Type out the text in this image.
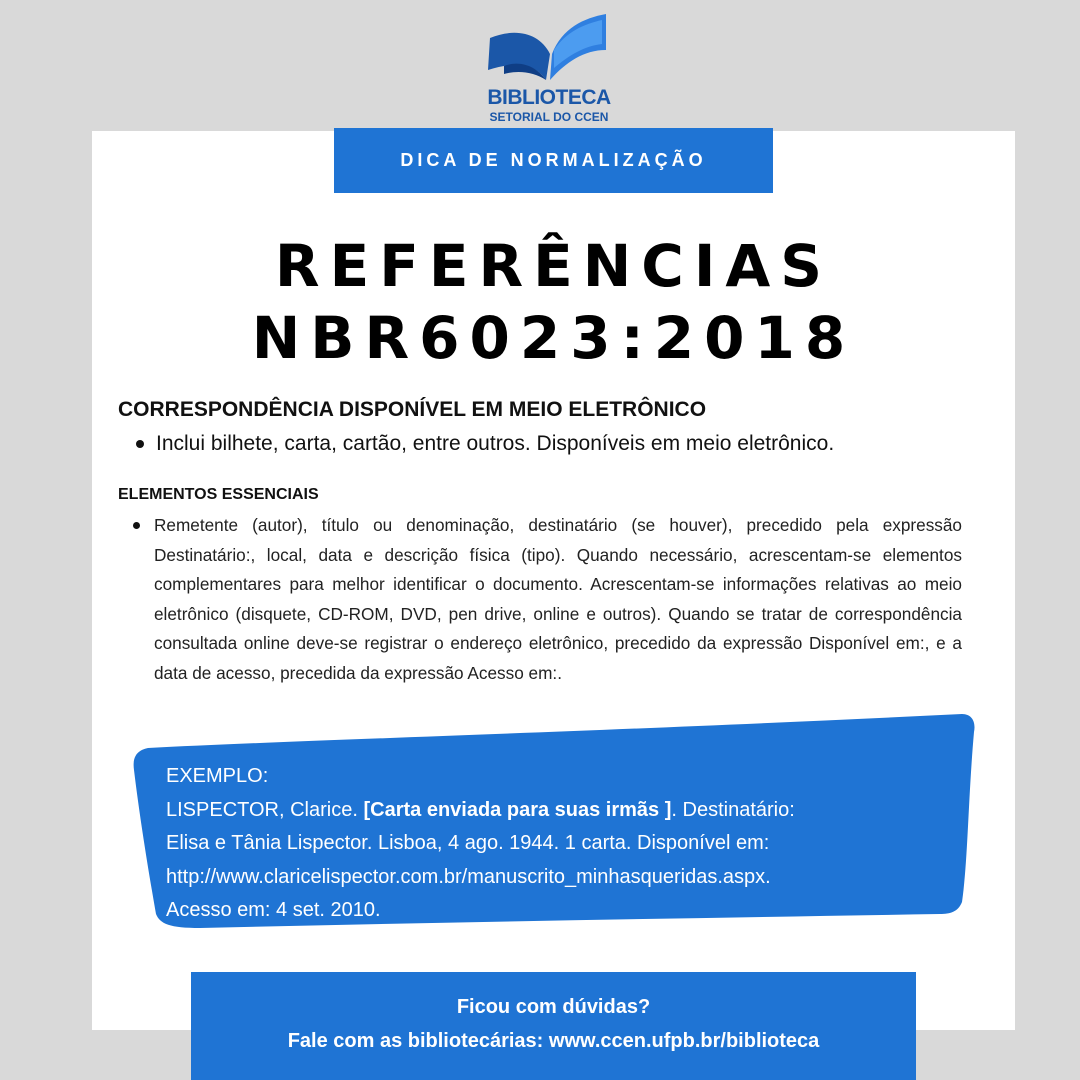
BIBLIOTECA
SETORIAL DO CCEN
DICA DE NORMALIZAÇÃO
REFERÊNCIAS
NBR6023:2018
CORRESPONDÊNCIA DISPONÍVEL EM MEIO ELETRÔNICO
Inclui bilhete, carta, cartão, entre outros. Disponíveis em meio eletrônico.
ELEMENTOS ESSENCIAIS
Remetente (autor), título ou denominação, destinatário (se houver), precedido pela expressão Destinatário:, local, data e descrição física (tipo). Quando necessário, acrescentam-se elementos complementares para melhor identificar o documento. Acrescentam-se informações relativas ao meio eletrônico (disquete, CD-ROM, DVD, pen drive, online e outros). Quando se tratar de correspondência consultada online deve-se registrar o endereço eletrônico, precedido da expressão Disponível em:, e a data de acesso, precedida da expressão Acesso em:.
EXEMPLO:
LISPECTOR, Clarice. [Carta enviada para suas irmãs ]. Destinatário:
Elisa e Tânia Lispector. Lisboa, 4 ago. 1944. 1 carta. Disponível em:
http://www.claricelispector.com.br/manuscrito_minhasqueridas.aspx.
Acesso em: 4 set. 2010.
Ficou com dúvidas?
Fale com as bibliotecárias: www.ccen.ufpb.br/biblioteca
